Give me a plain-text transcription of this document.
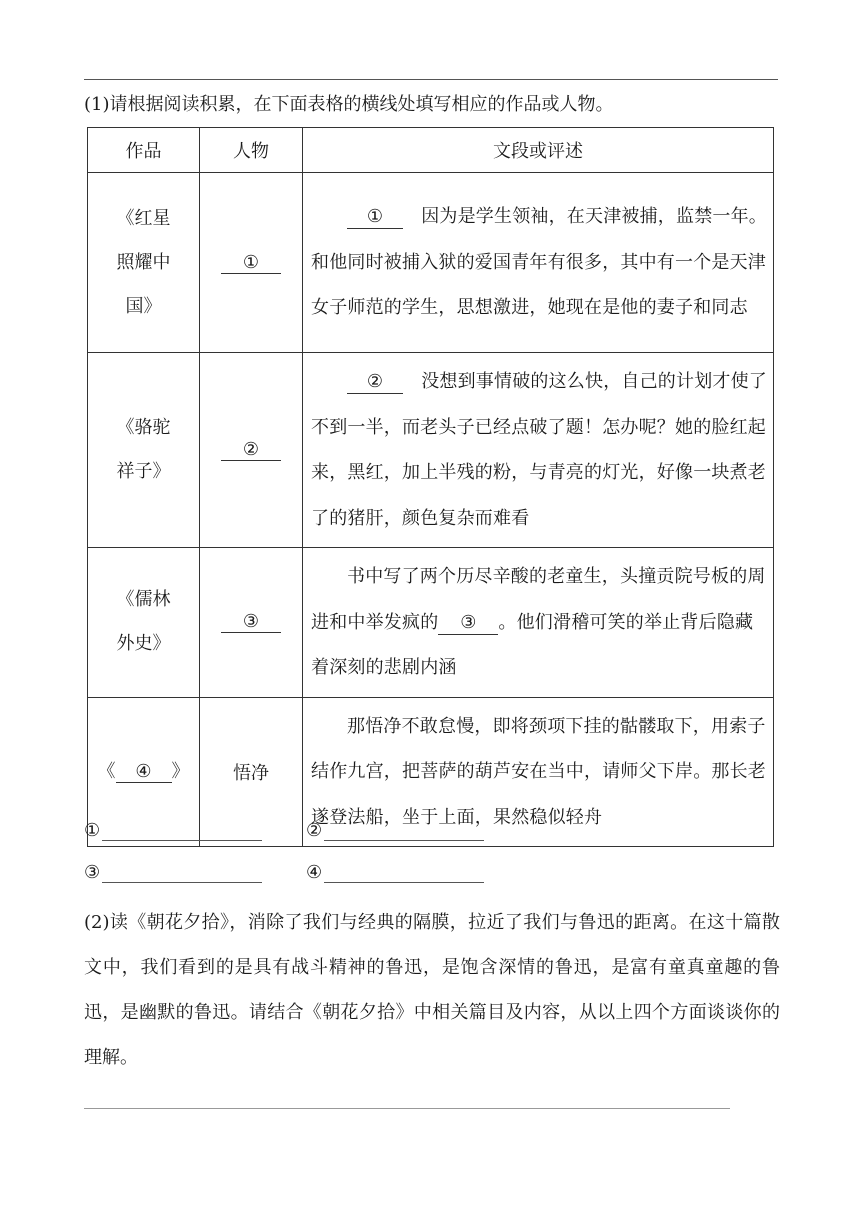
(1)请根据阅读积累，在下面表格的横线处填写相应的作品或人物。
作品	人物	文段或评述
《红星照耀中国》	①	①　 因为是学生领袖，在天津被捕，监禁一年。和他同时被捕入狱的爱国青年有很多，其中有一个是天津女子师范的学生，思想激进，她现在是他的妻子和同志
《骆驼祥子》	②	②　 没想到事情破的这么快，自己的计划才使了不到一半，而老头子已经点破了题！怎办呢？她的脸红起来，黑红，加上半残的粉，与青亮的灯光，好像一块煮老了的猪肝，颜色复杂而难看
《儒林外史》	③	书中写了两个历尽辛酸的老童生，头撞贡院号板的周进和中举发疯的 ③ 。他们滑稽可笑的举止背后隐藏着深刻的悲剧内涵
《 ④ 》	悟净	那悟净不敢怠慢，即将颈项下挂的骷髅取下，用索子结作九宫，把菩萨的葫芦安在当中，请师父下岸。那长老遂登法船，坐于上面，果然稳似轻舟
①	②
③	④
(2)读《朝花夕拾》，消除了我们与经典的隔膜，拉近了我们与鲁迅的距离。在这十篇散文中，我们看到的是具有战斗精神的鲁迅，是饱含深情的鲁迅，是富有童真童趣的鲁迅，是幽默的鲁迅。请结合《朝花夕拾》中相关篇目及内容，从以上四个方面谈谈你的理解。
